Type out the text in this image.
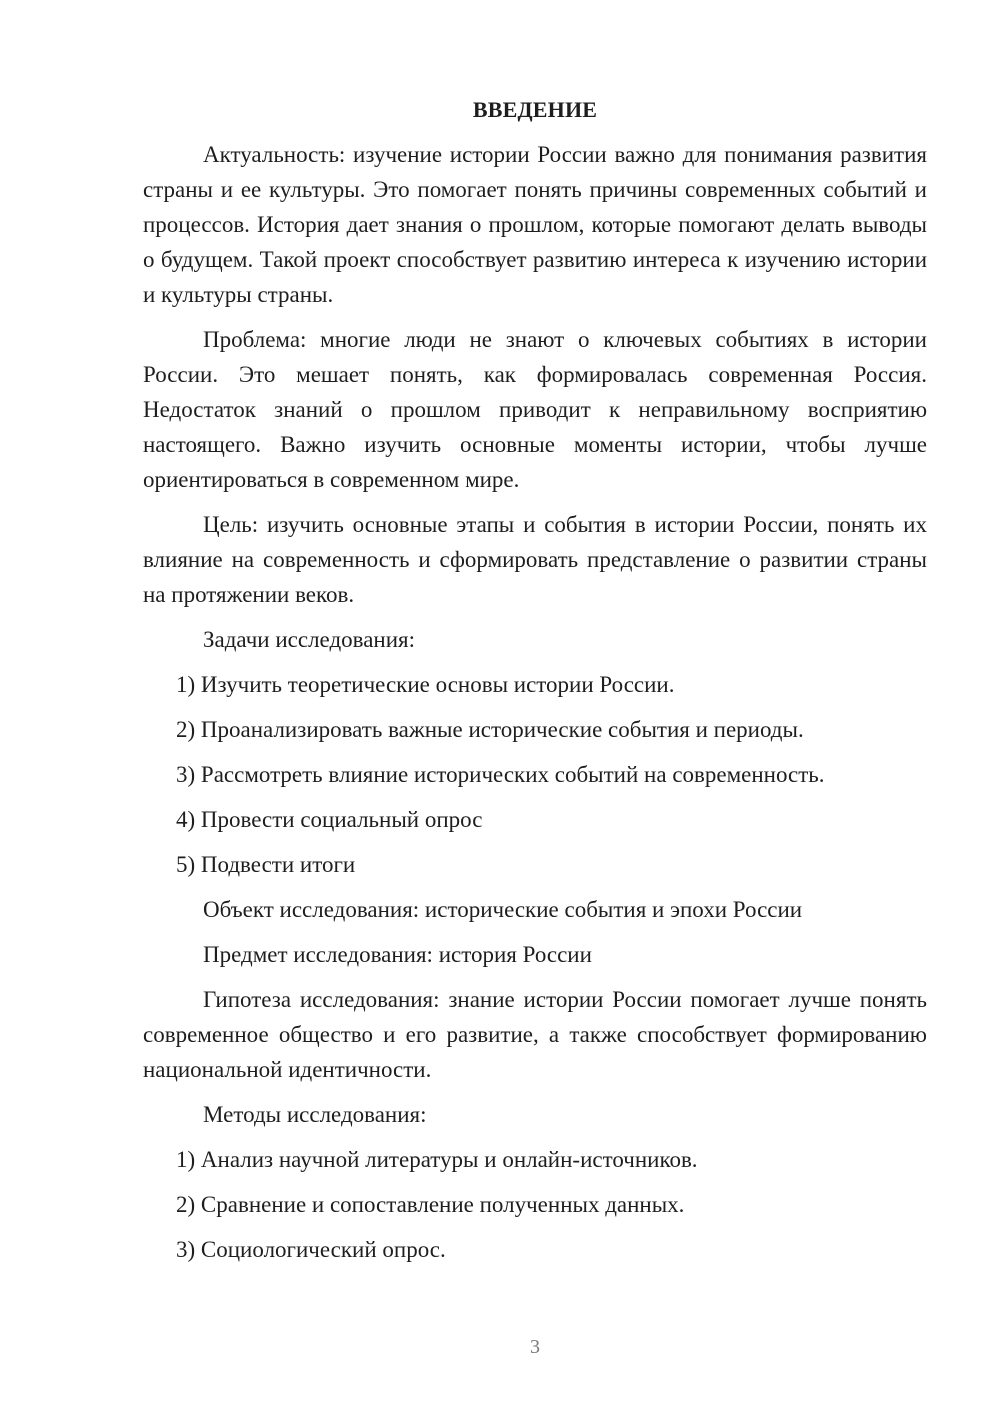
ВВЕДЕНИЕ

Актуальность: изучение истории России важно для понимания развития страны и ее культуры. Это помогает понять причины современных событий и процессов. История дает знания о прошлом, которые помогают делать выводы о будущем. Такой проект способствует развитию интереса к изучению истории и культуры страны.

Проблема: многие люди не знают о ключевых событиях в истории России. Это мешает понять, как формировалась современная Россия. Недостаток знаний о прошлом приводит к неправильному восприятию настоящего. Важно изучить основные моменты истории, чтобы лучше ориентироваться в современном мире.

Цель: изучить основные этапы и события в истории России, понять их влияние на современность и сформировать представление о развитии страны на протяжении веков.

Задачи исследования:
1) Изучить теоретические основы истории России.
2) Проанализировать важные исторические события и периоды.
3) Рассмотреть влияние исторических событий на современность.
4) Провести социальный опрос
5) Подвести итоги
Объект исследования: исторические события и эпохи России
Предмет исследования: история России

Гипотеза исследования: знание истории России помогает лучше понять современное общество и его развитие, а также способствует формированию национальной идентичности.

Методы исследования:
1) Анализ научной литературы и онлайн-источников.
2) Сравнение и сопоставление полученных данных.
3) Социологический опрос.
3
